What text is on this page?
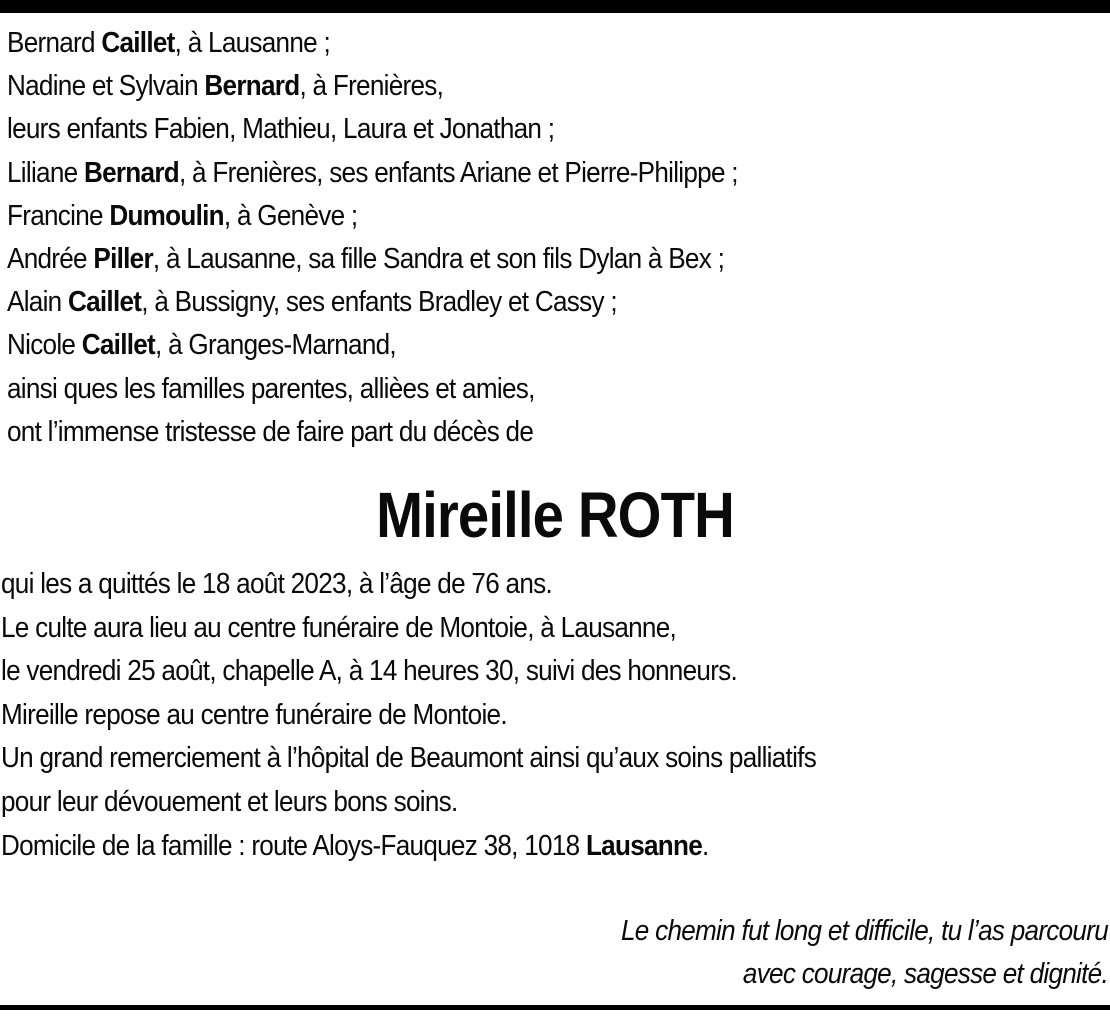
Bernard Caillet, à Lausanne ;
Nadine et Sylvain Bernard, à Frenières,
leurs enfants Fabien, Mathieu, Laura et Jonathan ;
Liliane Bernard, à Frenières, ses enfants Ariane et Pierre-Philippe ;
Francine Dumoulin, à Genève ;
Andrée Piller, à Lausanne, sa fille Sandra et son fils Dylan à Bex ;
Alain Caillet, à Bussigny, ses enfants Bradley et Cassy ;
Nicole Caillet, à Granges-Marnand,
ainsi ques les familles parentes, allièes et amies,
ont l’immense tristesse de faire part du décès de
Mireille ROTH
qui les a quittés le 18 août 2023, à l’âge de 76 ans.
Le culte aura lieu au centre funéraire de Montoie, à Lausanne,
le vendredi 25 août, chapelle A, à 14 heures 30, suivi des honneurs.
Mireille repose au centre funéraire de Montoie.
Un grand remerciement à l’hôpital de Beaumont ainsi qu’aux soins palliatifs
pour leur dévouement et leurs bons soins.
Domicile de la famille : route Aloys-Fauquez 38, 1018 Lausanne.
Le chemin fut long et difficile, tu l’as parcouru
avec courage, sagesse et dignité.
